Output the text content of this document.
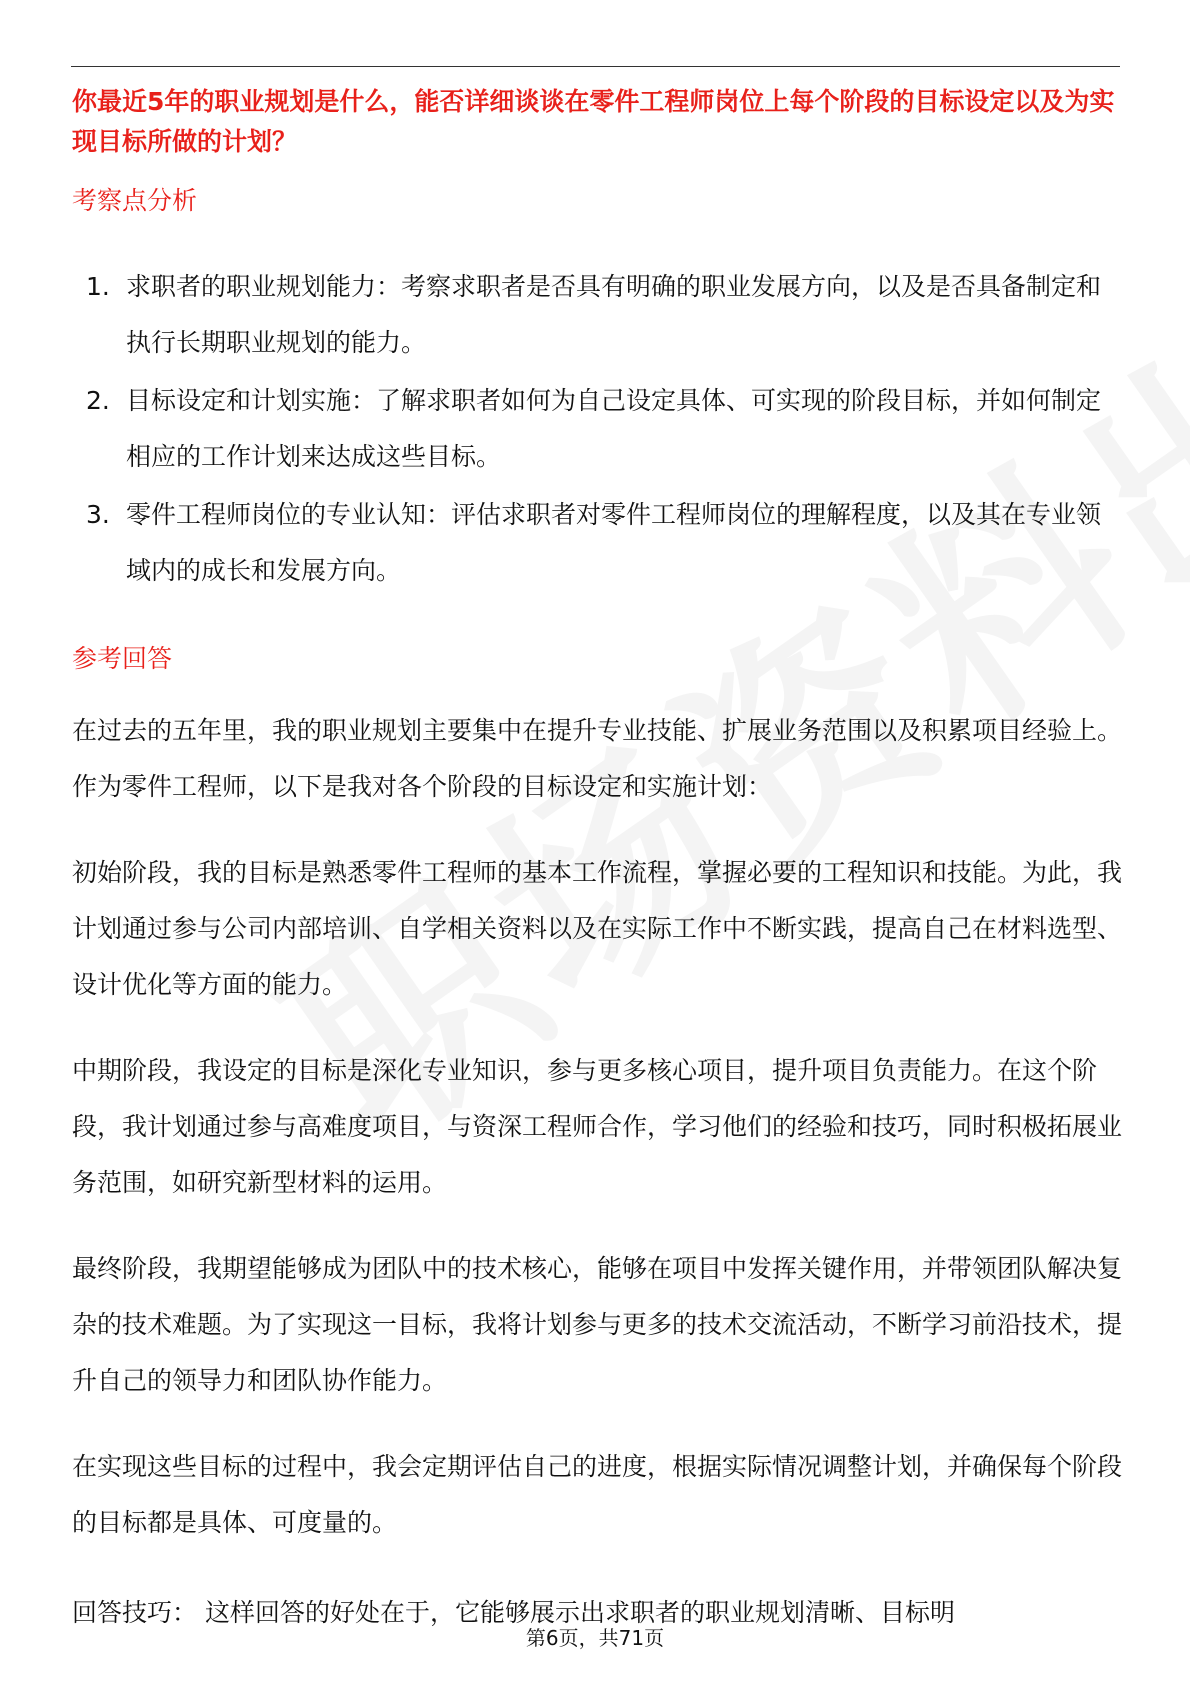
你最近5年的职业规划是什么，能否详细谈谈在零件工程师岗位上每个阶段的目标设定以及为实现目标所做的计划？

考察点分析
1. 求职者的职业规划能力：考察求职者是否具有明确的职业发展方向，以及是否具备制定和执行长期职业规划的能力。
2. 目标设定和计划实施：了解求职者如何为自己设定具体、可实现的阶段目标，并如何制定相应的工作计划来达成这些目标。
3. 零件工程师岗位的专业认知：评估求职者对零件工程师岗位的理解程度，以及其在专业领域内的成长和发展方向。
参考回答

在过去的五年里，我的职业规划主要集中在提升专业技能、扩展业务范围以及积累项目经验上。作为零件工程师，以下是我对各个阶段的目标设定和实施计划：

初始阶段，我的目标是熟悉零件工程师的基本工作流程，掌握必要的工程知识和技能。为此，我计划通过参与公司内部培训、自学相关资料以及在实际工作中不断实践，提高自己在材料选型、设计优化等方面的能力。

中期阶段，我设定的目标是深化专业知识，参与更多核心项目，提升项目负责能力。在这个阶段，我计划通过参与高难度项目，与资深工程师合作，学习他们的经验和技巧，同时积极拓展业务范围，如研究新型材料的运用。

最终阶段，我期望能够成为团队中的技术核心，能够在项目中发挥关键作用，并带领团队解决复杂的技术难题。为了实现这一目标，我将计划参与更多的技术交流活动，不断学习前沿技术，提升自己的领导力和团队协作能力。

在实现这些目标的过程中，我会定期评估自己的进度，根据实际情况调整计划，并确保每个阶段的目标都是具体、可度量的。

回答技巧： 这样回答的好处在于，它能够展示出求职者的职业规划清晰、目标明

第6页，共71页
